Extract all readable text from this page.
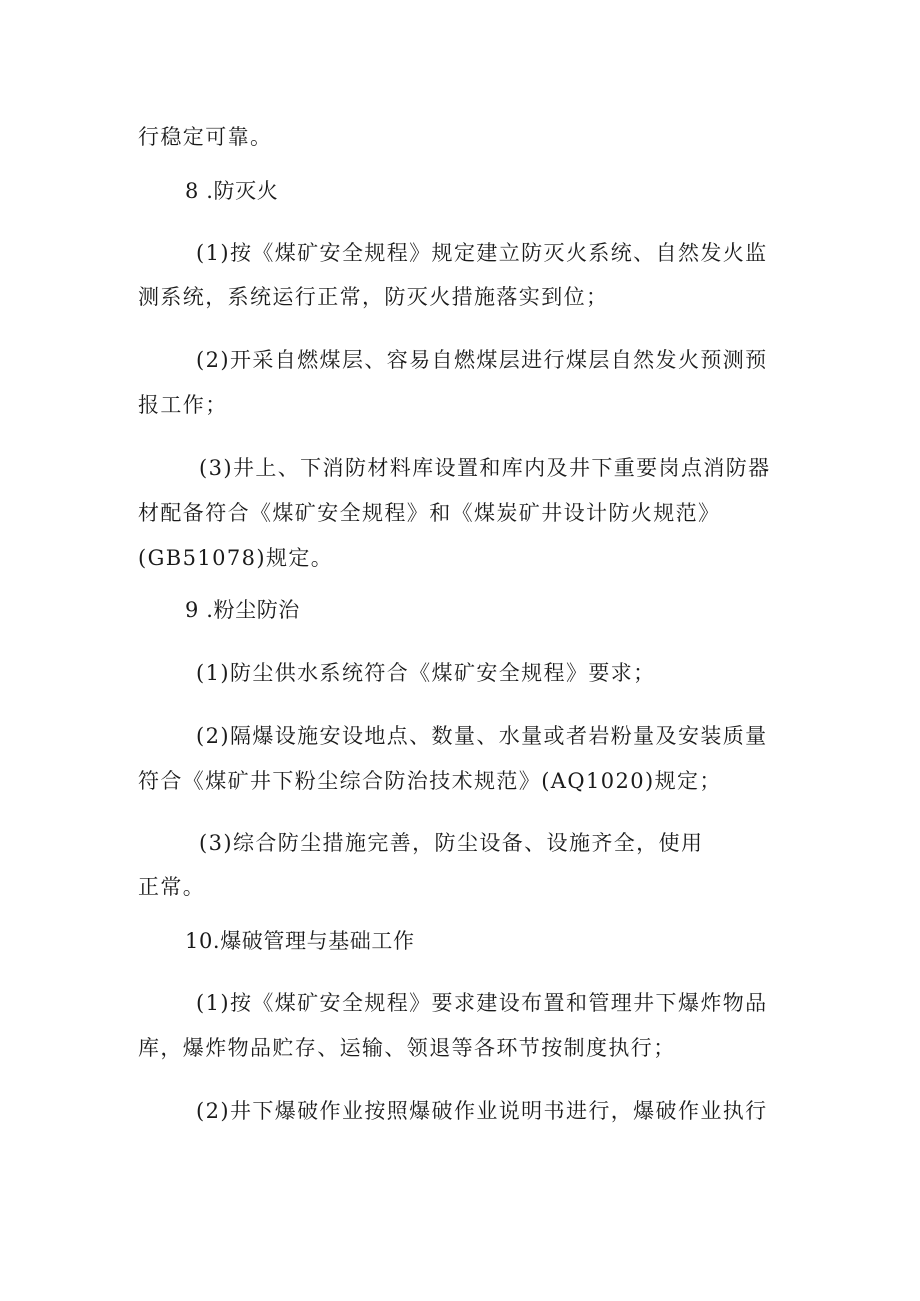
行稳定可靠。
8 .防灭火
(1)按《煤矿安全规程》规定建立防灭火系统、自然发火监
测系统，系统运行正常，防灭火措施落实到位；
(2)开采自燃煤层、容易自燃煤层进行煤层自然发火预测预
报工作；
(3)井上、下消防材料库设置和库内及井下重要岗点消防器
材配备符合《煤矿安全规程》和《煤炭矿井设计防火规范》
(GB51078)规定。
9 .粉尘防治
(1)防尘供水系统符合《煤矿安全规程》要求；
(2)隔爆设施安设地点、数量、水量或者岩粉量及安装质量
符合《煤矿井下粉尘综合防治技术规范》(AQ1020)规定；
(3)综合防尘措施完善，防尘设备、设施齐全，使用
正常。
10.爆破管理与基础工作
(1)按《煤矿安全规程》要求建设布置和管理井下爆炸物品
库，爆炸物品贮存、运输、领退等各环节按制度执行；
(2)井下爆破作业按照爆破作业说明书进行，爆破作业执行
